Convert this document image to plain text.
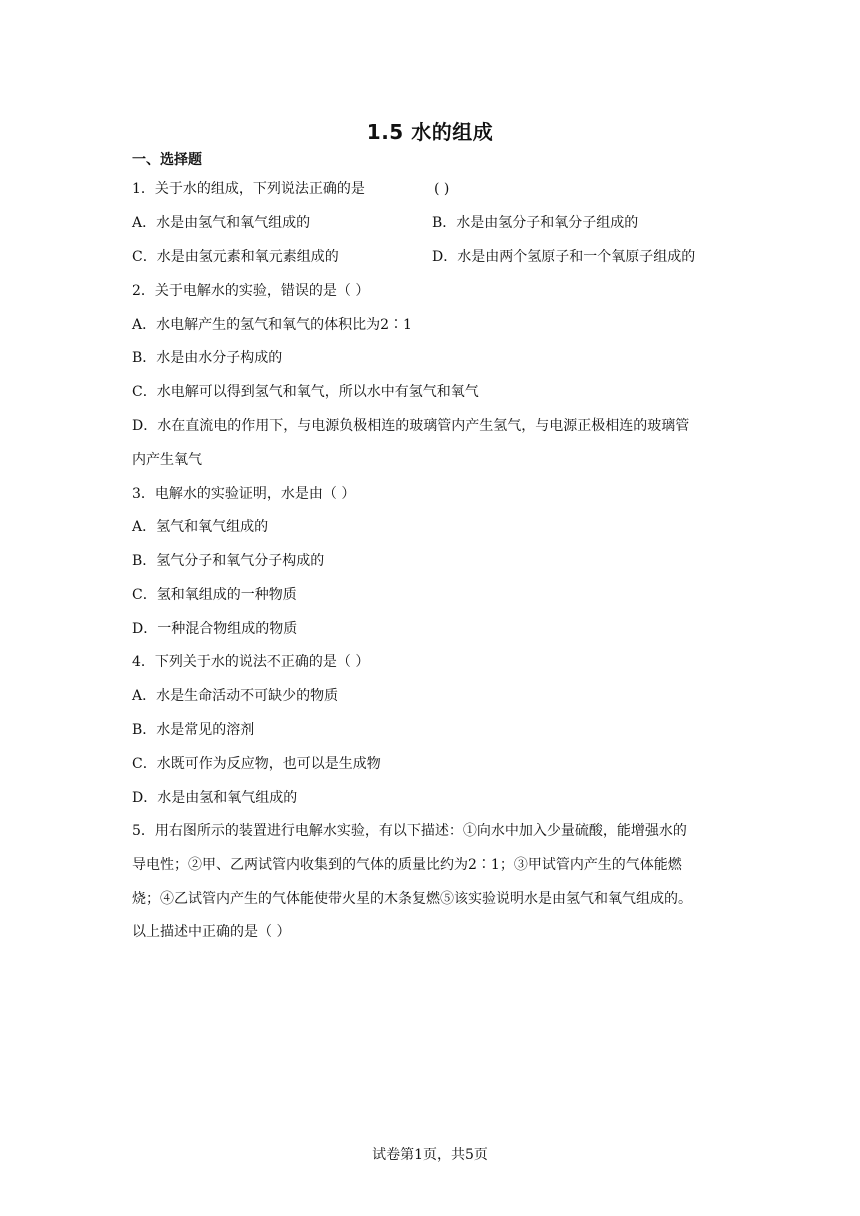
1.5 水的组成
一、选择题
1．关于水的组成，下列说法正确的是	( )
A．水是由氢气和氧气组成的	B．水是由氢分子和氧分子组成的
C．水是由氢元素和氧元素组成的	D．水是由两个氢原子和一个氧原子组成的
2．关于电解水的实验，错误的是（ ）
A．水电解产生的氢气和氧气的体积比为2∶1
B．水是由水分子构成的
C．水电解可以得到氢气和氧气，所以水中有氢气和氧气
D．水在直流电的作用下，与电源负极相连的玻璃管内产生氢气，与电源正极相连的玻璃管
内产生氧气
3．电解水的实验证明，水是由（ ）
A．氢气和氧气组成的
B．氢气分子和氧气分子构成的
C．氢和氧组成的一种物质
D．一种混合物组成的物质
4．下列关于水的说法不正确的是（ ）
A．水是生命活动不可缺少的物质
B．水是常见的溶剂
C．水既可作为反应物，也可以是生成物
D．水是由氢和氧气组成的
5．用右图所示的装置进行电解水实验，有以下描述：①向水中加入少量硫酸，能增强水的
导电性；②甲、乙两试管内收集到的气体的质量比约为2∶1；③甲试管内产生的气体能燃
烧；④乙试管内产生的气体能使带火星的木条复燃⑤该实验说明水是由氢气和氧气组成的。
以上描述中正确的是（ ）
试卷第1页，共5页
